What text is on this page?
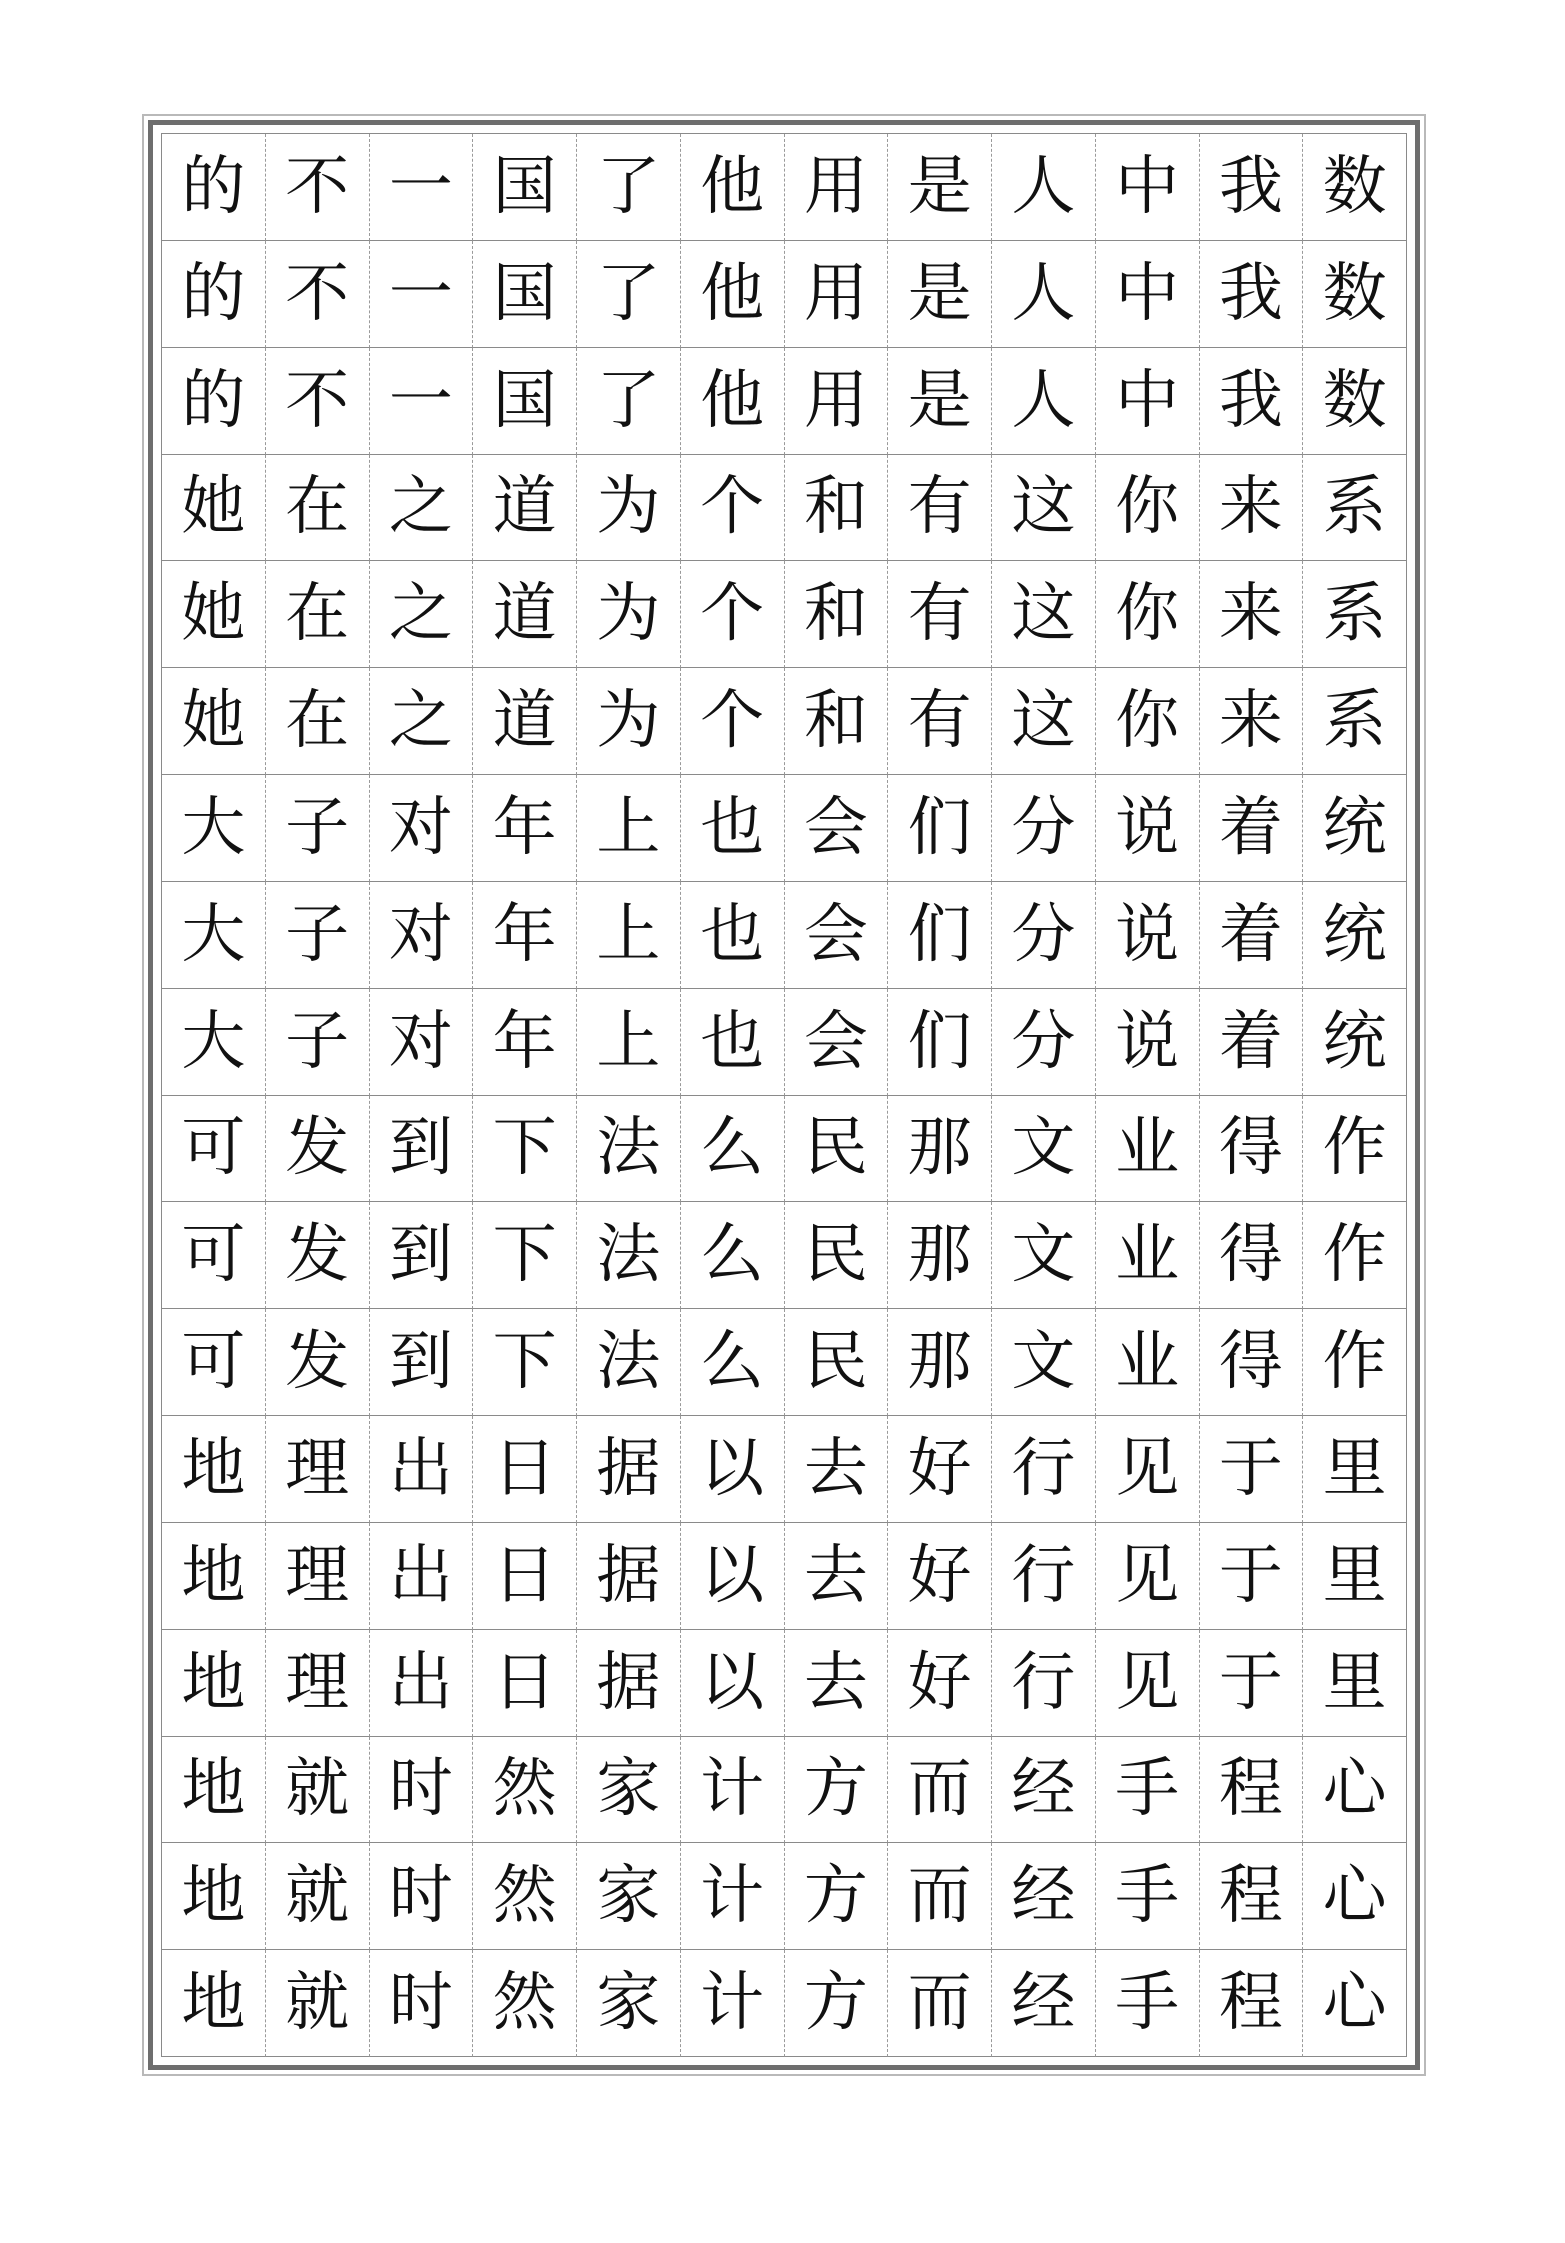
的 不 一 国 了 他 用 是 人 中 我 数
的 不 一 国 了 他 用 是 人 中 我 数
的 不 一 国 了 他 用 是 人 中 我 数
她 在 之 道 为 个 和 有 这 你 来 系
她 在 之 道 为 个 和 有 这 你 来 系
她 在 之 道 为 个 和 有 这 你 来 系
大 子 对 年 上 也 会 们 分 说 着 统
大 子 对 年 上 也 会 们 分 说 着 统
大 子 对 年 上 也 会 们 分 说 着 统
可 发 到 下 法 么 民 那 文 业 得 作
可 发 到 下 法 么 民 那 文 业 得 作
可 发 到 下 法 么 民 那 文 业 得 作
地 理 出 日 据 以 去 好 行 见 于 里
地 理 出 日 据 以 去 好 行 见 于 里
地 理 出 日 据 以 去 好 行 见 于 里
地 就 时 然 家 计 方 而 经 手 程 心
地 就 时 然 家 计 方 而 经 手 程 心
地 就 时 然 家 计 方 而 经 手 程 心
